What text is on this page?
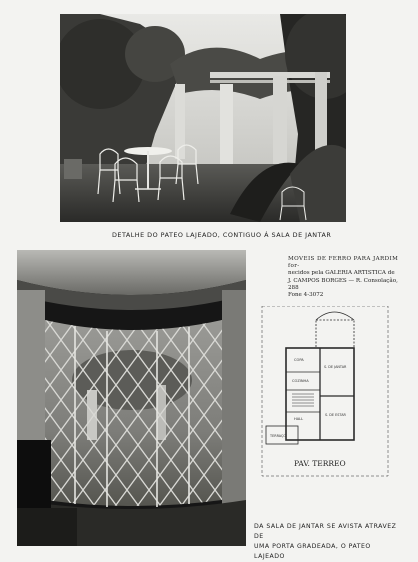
DETALHE DO PATEO LAJEADO, CONTIGUO Á SALA DE JANTAR
MOVEIS DE FERRO PARA JARDIM for-
necidos pela GALERIA ARTISTICA de
J. CAMPOS BORGES — R. Consolação, 288
Fone 4-3072
COPA
COZINHA
HALL
TERRAÇO
S. DE JANTAR
S. DE ESTAR
PAV. TERREO
DA SALA DE JANTAR SE AVISTA ATRAVEZ DE
UMA PORTA GRADEADA, O PATEO LAJEADO
